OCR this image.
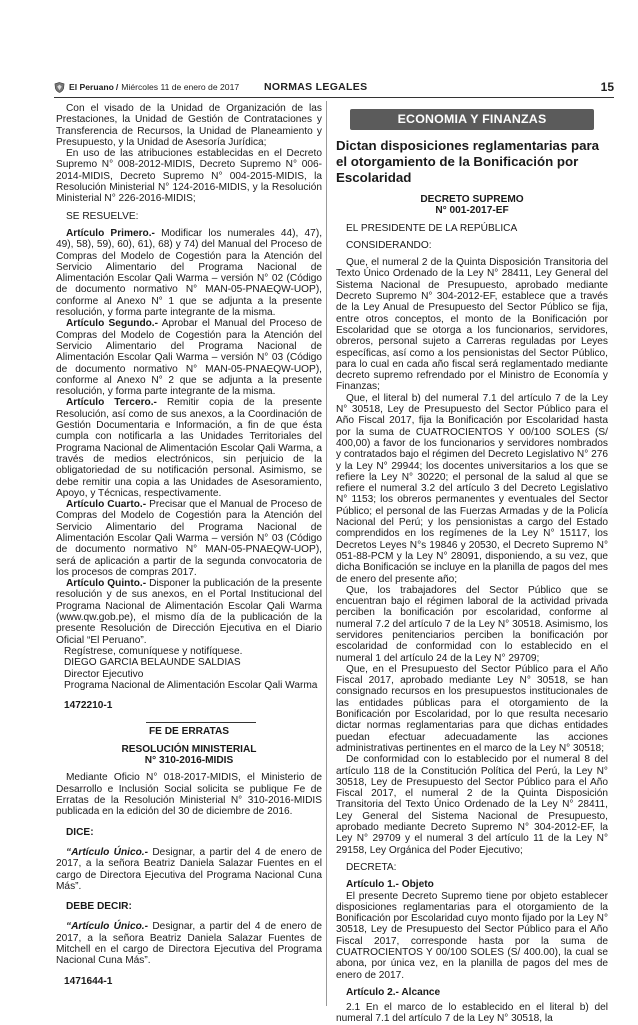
El Peruano / Miércoles 11 de enero de 2017 NORMAS LEGALES	15

Con el visado de la Unidad de Organización de las Prestaciones, la Unidad de Gestión de Contrataciones y Transferencia de Recursos, la Unidad de Planeamiento y Presupuesto, y la Unidad de Asesoría Jurídica;

En uso de las atribuciones establecidas en el Decreto Supremo N° 008-2012-MIDIS, Decreto Supremo N° 006-2014-MIDIS, Decreto Supremo N° 004-2015-MIDIS, la Resolución Ministerial N° 124-2016-MIDIS, y la Resolución Ministerial N° 226-2016-MIDIS;

SE RESUELVE:

Artículo Primero.- Modificar los numerales 44), 47), 49), 58), 59), 60), 61), 68) y 74) del Manual del Proceso de Compras del Modelo de Cogestión para la Atención del Servicio Alimentario del Programa Nacional de Alimentación Escolar Qali Warma – versión N° 02 (Código de documento normativo N° MAN-05-PNAEQW-UOP), conforme al Anexo N° 1 que se adjunta a la presente resolución, y forma parte integrante de la misma.

Artículo Segundo.- Aprobar el Manual del Proceso de Compras del Modelo de Cogestión para la Atención del Servicio Alimentario del Programa Nacional de Alimentación Escolar Qali Warma – versión N° 03 (Código de documento normativo N° MAN-05-PNAEQW-UOP), conforme al Anexo N° 2 que se adjunta a la presente resolución, y forma parte integrante de la misma.

Artículo Tercero.- Remitir copia de la presente Resolución, así como de sus anexos, a la Coordinación de Gestión Documentaria e Información, a fin de que ésta cumpla con notificarla a las Unidades Territoriales del Programa Nacional de Alimentación Escolar Qali Warma, a través de medios electrónicos, sin perjuicio de la obligatoriedad de su notificación personal. Asimismo, se debe remitir una copia a las Unidades de Asesoramiento, Apoyo, y Técnicas, respectivamente.

Artículo Cuarto.- Precisar que el Manual de Proceso de Compras del Modelo de Cogestión para la Atención del Servicio Alimentario del Programa Nacional de Alimentación Escolar Qali Warma – versión N° 03 (Código de documento normativo N° MAN-05-PNAEQW-UOP), será de aplicación a partir de la segunda convocatoria de los procesos de compras 2017.

Artículo Quinto.- Disponer la publicación de la presente resolución y de sus anexos, en el Portal Institucional del Programa Nacional de Alimentación Escolar Qali Warma (www.qw.gob.pe), el mismo día de la publicación de la presente Resolución de Dirección Ejecutiva en el Diario Oficial “El Peruano”.

Regístrese, comuníquese y notifíquese.

DIEGO GARCIA BELAUNDE SALDIAS

Director Ejecutivo

Programa Nacional de Alimentación Escolar Qali Warma

1472210-1

FE DE ERRATAS

RESOLUCIÓN MINISTERIAL

N° 310-2016-MIDIS

Mediante Oficio N° 018-2017-MIDIS, el Ministerio de Desarrollo e Inclusión Social solicita se publique Fe de Erratas de la Resolución Ministerial N° 310-2016-MIDIS publicada en la edición del 30 de diciembre de 2016.

DICE:

“Artículo Único.- Designar, a partir del 4 de enero de 2017, a la señora Beatriz Daniela Salazar Fuentes en el cargo de Directora Ejecutiva del Programa Nacional Cuna Más”.

DEBE DECIR:

“Artículo Único.- Designar, a partir del 4 de enero de 2017, a la señora Beatriz Daniela Salazar Fuentes de Mitchell en el cargo de Directora Ejecutiva del Programa Nacional Cuna Más”.

1471644-1

ECONOMIA Y FINANZAS
Dictan disposiciones reglamentarias para el otorgamiento de la Bonificación por Escolaridad

DECRETO SUPREMO

N° 001-2017-EF

EL PRESIDENTE DE LA REPÚBLICA

CONSIDERANDO:

Que, el numeral 2 de la Quinta Disposición Transitoria del Texto Único Ordenado de la Ley N° 28411, Ley General del Sistema Nacional de Presupuesto, aprobado mediante Decreto Supremo N° 304-2012-EF, establece que a través de la Ley Anual de Presupuesto del Sector Público se fija, entre otros conceptos, el monto de la Bonificación por Escolaridad que se otorga a los funcionarios, servidores, obreros, personal sujeto a Carreras reguladas por Leyes específicas, así como a los pensionistas del Sector Público, para lo cual en cada año fiscal será reglamentado mediante decreto supremo refrendado por el Ministro de Economía y Finanzas;

Que, el literal b) del numeral 7.1 del artículo 7 de la Ley N° 30518, Ley de Presupuesto del Sector Público para el Año Fiscal 2017, fija la Bonificación por Escolaridad hasta por la suma de CUATROCIENTOS Y 00/100 SOLES (S/ 400,00) a favor de los funcionarios y servidores nombrados y contratados bajo el régimen del Decreto Legislativo N° 276 y la Ley N° 29944; los docentes universitarios a los que se refiere la Ley N° 30220; el personal de la salud al que se refiere el numeral 3.2 del artículo 3 del Decreto Legislativo N° 1153; los obreros permanentes y eventuales del Sector Público; el personal de las Fuerzas Armadas y de la Policía Nacional del Perú; y los pensionistas a cargo del Estado comprendidos en los regímenes de la Ley N° 15117, los Decretos Leyes N°s 19846 y 20530, el Decreto Supremo N° 051-88-PCM y la Ley N° 28091, disponiendo, a su vez, que dicha Bonificación se incluye en la planilla de pagos del mes de enero del presente año;

Que, los trabajadores del Sector Público que se encuentran bajo el régimen laboral de la actividad privada perciben la bonificación por escolaridad, conforme al numeral 7.2 del artículo 7 de la Ley N° 30518. Asimismo, los servidores penitenciarios perciben la bonificación por escolaridad de conformidad con lo establecido en el numeral 1 del artículo 24 de la Ley N° 29709;

Que, en el Presupuesto del Sector Público para el Año Fiscal 2017, aprobado mediante Ley N° 30518, se han consignado recursos en los presupuestos institucionales de las entidades públicas para el otorgamiento de la Bonificación por Escolaridad, por lo que resulta necesario dictar normas reglamentarias para que dichas entidades puedan efectuar adecuadamente las acciones administrativas pertinentes en el marco de la Ley N° 30518;

De conformidad con lo establecido por el numeral 8 del artículo 118 de la Constitución Política del Perú, la Ley N° 30518, Ley de Presupuesto del Sector Público para el Año Fiscal 2017, el numeral 2 de la Quinta Disposición Transitoria del Texto Único Ordenado de la Ley N° 28411, Ley General del Sistema Nacional de Presupuesto, aprobado mediante Decreto Supremo N° 304-2012-EF, la Ley N° 29709 y el numeral 3 del artículo 11 de la Ley N° 29158, Ley Orgánica del Poder Ejecutivo;

DECRETA:

Artículo 1.- Objeto

El presente Decreto Supremo tiene por objeto establecer disposiciones reglamentarias para el otorgamiento de la Bonificación por Escolaridad cuyo monto fijado por la Ley N° 30518, Ley de Presupuesto del Sector Público para el Año Fiscal 2017, corresponde hasta por la suma de CUATROCIENTOS Y 00/100 SOLES (S/ 400.00), la cual se abona, por única vez, en la planilla de pagos del mes de enero de 2017.

Artículo 2.- Alcance

2.1 En el marco de lo establecido en el literal b) del numeral 7.1 del artículo 7 de la Ley N° 30518, la
